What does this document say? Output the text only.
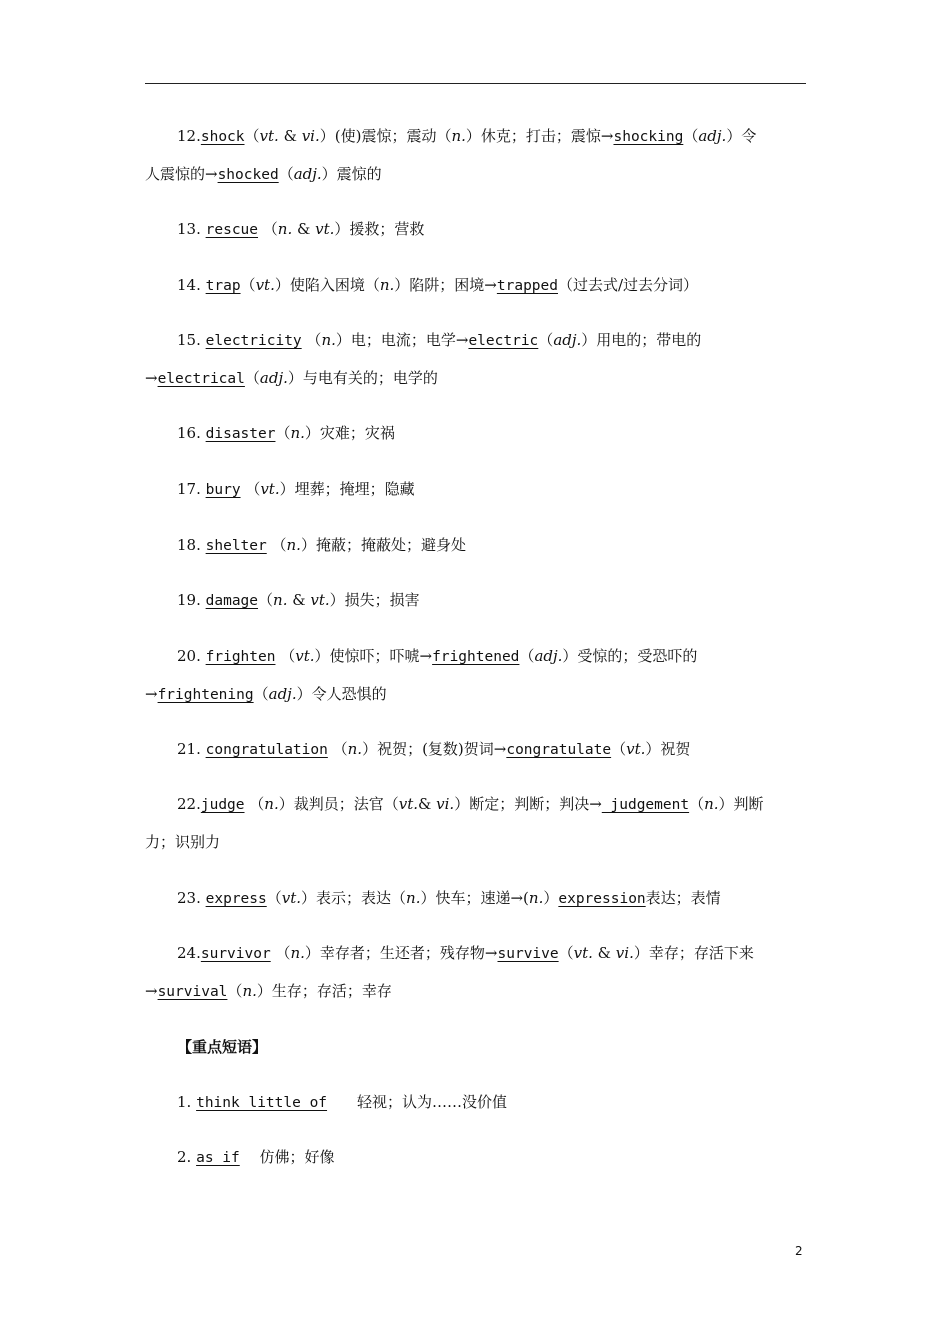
12.shock（vt. & vi.）(使)震惊；震动（n.）休克；打击；震惊→shocking（adj.）令
人震惊的→shocked（adj.）震惊的
13. rescue （n. & vt.）援救；营救
14. trap（vt.）使陷入困境（n.）陷阱；困境→trapped（过去式/过去分词）
15. electricity （n.）电；电流；电学→electric（adj.）用电的；带电的
→electrical（adj.）与电有关的；电学的
16. disaster（n.）灾难；灾祸
17. bury （vt.）埋葬；掩埋；隐藏
18. shelter （n.）掩蔽；掩蔽处；避身处
19. damage（n. & vt.）损失；损害
20. frighten （vt.）使惊吓；吓唬→frightened（adj.）受惊的；受恐吓的
→frightening（adj.）令人恐惧的
21. congratulation （n.）祝贺；(复数)贺词→congratulate（vt.）祝贺
22.judge （n.）裁判员；法官（vt.& vi.）断定；判断；判决→ judgement（n.）判断
力；识别力
23. express（vt.）表示；表达（n.）快车；速递→(n.）expression表达；表情
24.survivor （n.）幸存者；生还者；残存物→survive（vt. & vi.）幸存；存活下来
→survival（n.）生存；存活；幸存
【重点短语】
1. think little of　　轻视；认为……没价值
2. as if　 仿佛；好像
2
